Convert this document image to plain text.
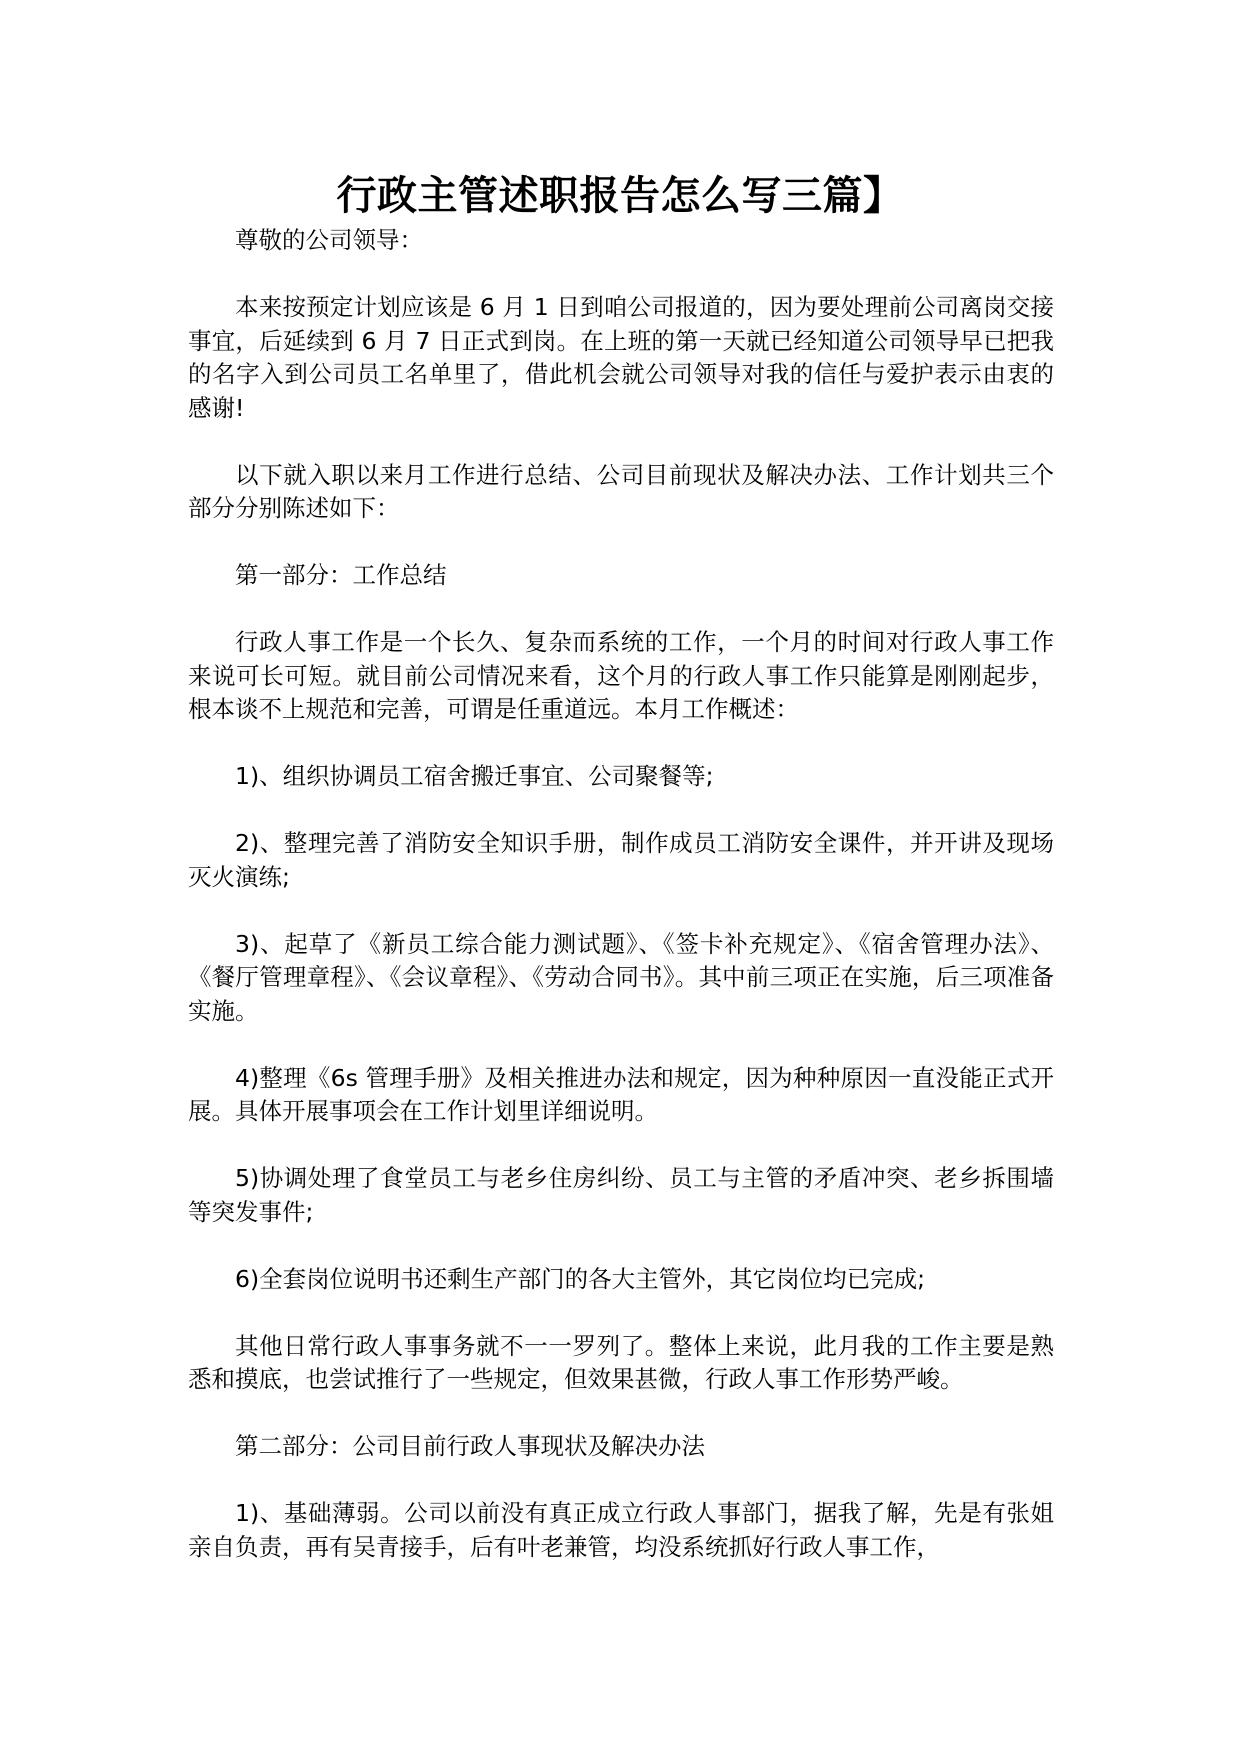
行政主管述职报告怎么写三篇】

尊敬的公司领导：

本来按预定计划应该是 6 月 1 日到咱公司报道的，因为要处理前公司离岗交接事宜，后延续到 6 月 7 日正式到岗。在上班的第一天就已经知道公司领导早已把我的名字入到公司员工名单里了，借此机会就公司领导对我的信任与爱护表示由衷的感谢!

以下就入职以来月工作进行总结、公司目前现状及解决办法、工作计划共三个部分分别陈述如下：

第一部分：工作总结

行政人事工作是一个长久、复杂而系统的工作，一个月的时间对行政人事工作来说可长可短。就目前公司情况来看，这个月的行政人事工作只能算是刚刚起步，根本谈不上规范和完善，可谓是任重道远。本月工作概述：

1)、组织协调员工宿舍搬迁事宜、公司聚餐等;

2)、整理完善了消防安全知识手册，制作成员工消防安全课件，并开讲及现场灭火演练;

3)、起草了《新员工综合能力测试题》、《签卡补充规定》、《宿舍管理办法》、《餐厅管理章程》、《会议章程》、《劳动合同书》。其中前三项正在实施，后三项准备实施。

4)整理《6s 管理手册》及相关推进办法和规定，因为种种原因一直没能正式开展。具体开展事项会在工作计划里详细说明。

5)协调处理了食堂员工与老乡住房纠纷、员工与主管的矛盾冲突、老乡拆围墙等突发事件;

6)全套岗位说明书还剩生产部门的各大主管外，其它岗位均已完成;

其他日常行政人事事务就不一一罗列了。整体上来说，此月我的工作主要是熟悉和摸底，也尝试推行了一些规定，但效果甚微，行政人事工作形势严峻。

第二部分：公司目前行政人事现状及解决办法

1)、基础薄弱。公司以前没有真正成立行政人事部门，据我了解，先是有张姐亲自负责，再有吴青接手，后有叶老兼管，均没系统抓好行政人事工作，
